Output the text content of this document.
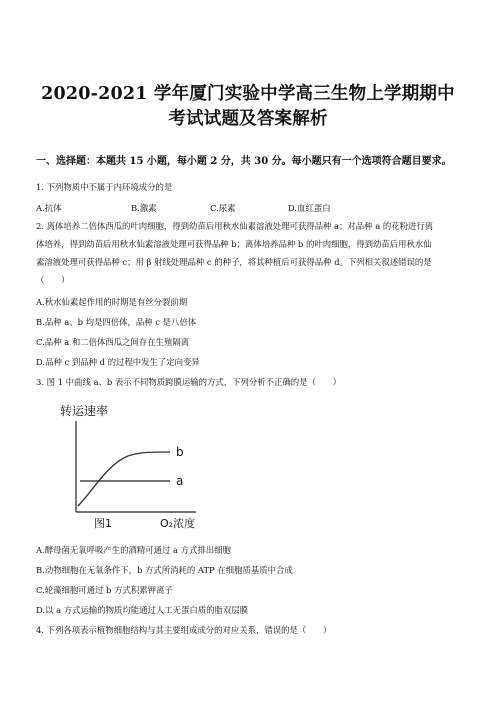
2020-2021 学年厦门实验中学高三生物上学期期中
考试试题及答案解析
一、选择题：本题共 15 小题，每小题 2 分，共 30 分。每小题只有一个选项符合题目要求。
1. 下列物质中不属于内环境成分的是
A.抗体	B.激素	C.尿素	D.血红蛋白
2. 离体培养二倍体西瓜的叶肉细胞，得到幼苗后用秋水仙素溶液处理可获得品种 a；对品种 a 的花粉进行离
体培养，得到幼苗后用秋水仙素溶液处理可获得品种 b；离体培养品种 b 的叶肉细胞，得到幼苗后用秋水仙
素溶液处理可获得品种 c；用 β 射线处理品种 c 的种子，将其种植后可获得品种 d。下列相关叙述错误的是
（　　）
A.秋水仙素起作用的时期是有丝分裂前期
B.品种 a、b 均是四倍体，品种 c 是八倍体
C.品种 a 和二倍体西瓜之间存在生殖隔离
D.品种 c 到品种 d 的过程中发生了定向变异
3. 图 1 中曲线 a、b 表示不同物质跨膜运输的方式，下列分析不正确的是（　　）
转运速率
b
a
图1	O₂浓度
A.酵母菌无氧呼吸产生的酒精可通过 a 方式排出细胞
B.动物细胞在无氧条件下，b 方式所消耗的 ATP 在细胞质基质中合成
C.轮藻细胞可通过 b 方式积累钾离子
D.以 a 方式运输的物质均能通过人工无蛋白质的脂双层膜
4. 下列各项表示植物细胞结构与其主要组成成分的对应关系，错误的是（　　）
